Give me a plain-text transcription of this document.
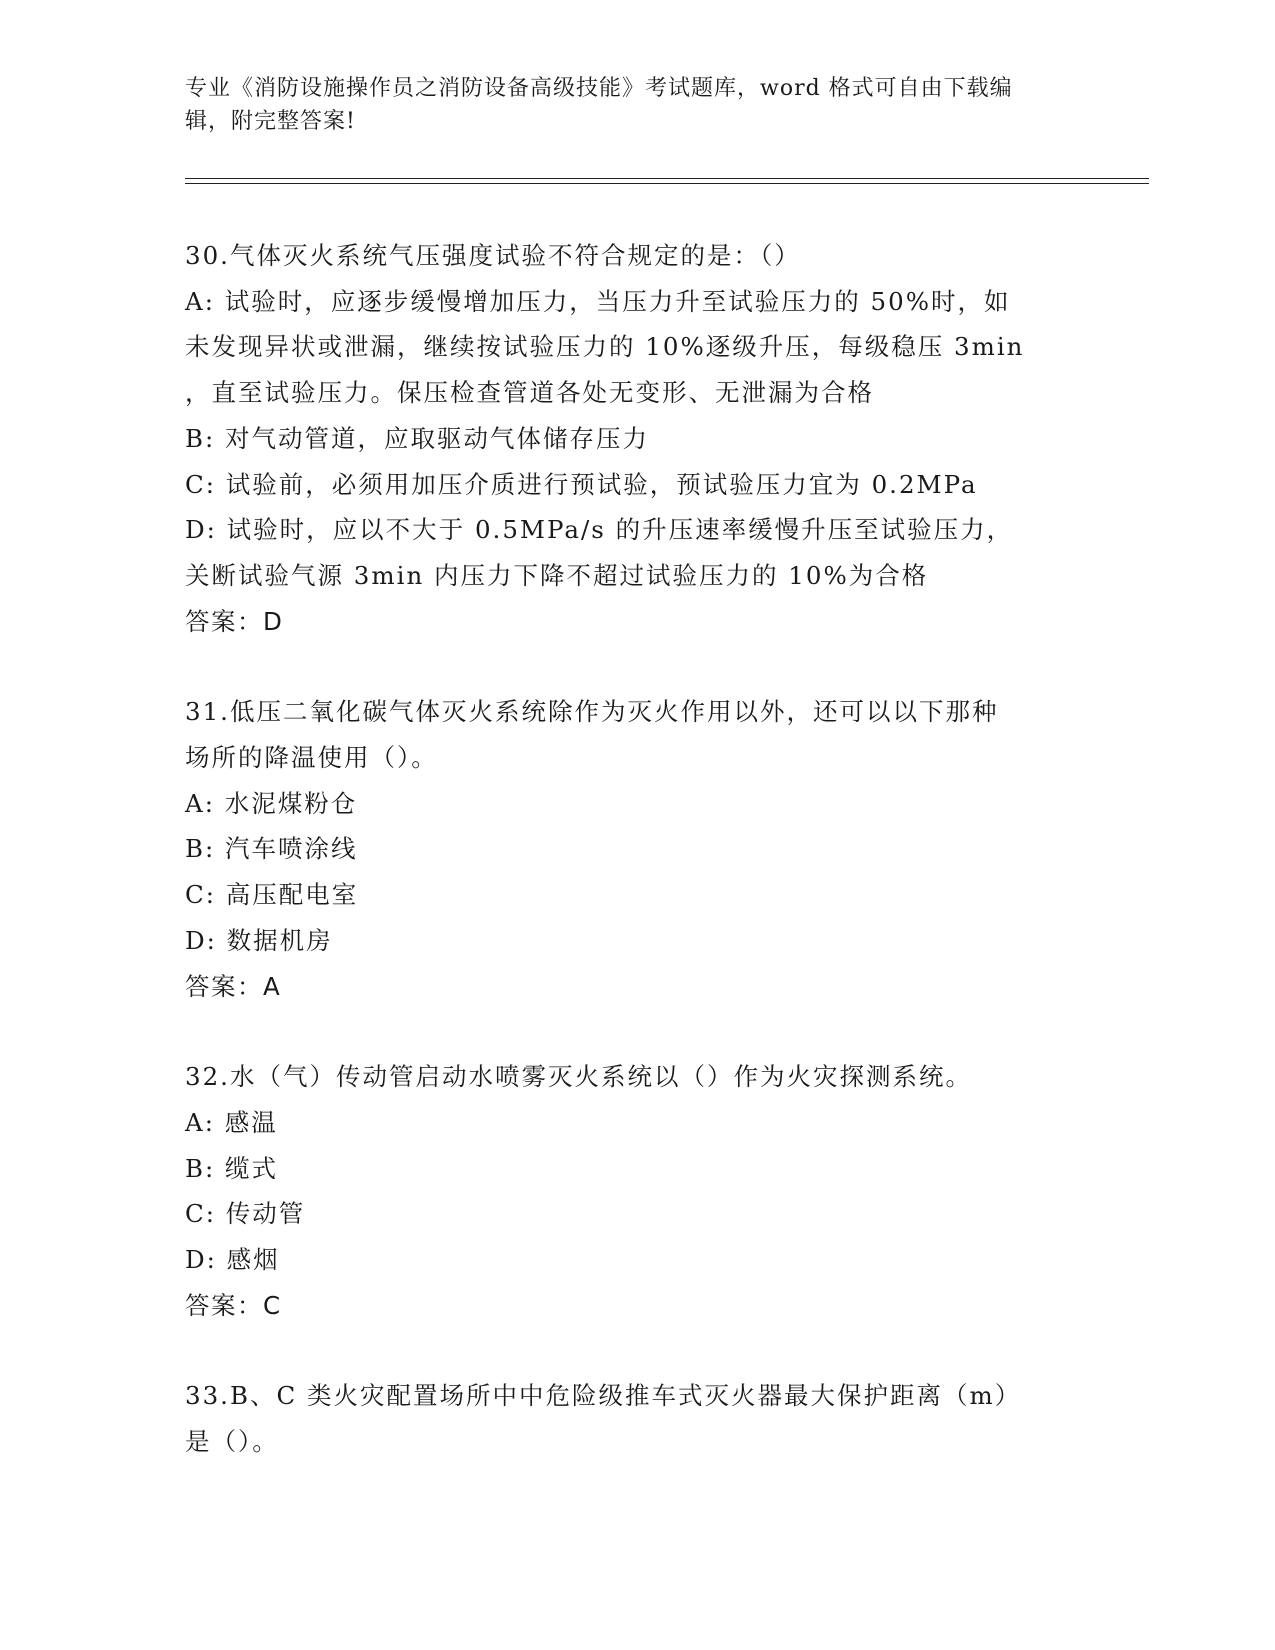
专业《消防设施操作员之消防设备高级技能》考试题库，word 格式可自由下载编
辑，附完整答案!
30.气体灭火系统气压强度试验不符合规定的是：（）
A: 试验时，应逐步缓慢增加压力，当压力升至试验压力的 50%时，如
未发现异状或泄漏，继续按试验压力的 10%逐级升压，每级稳压 3min
，直至试验压力。保压检查管道各处无变形、无泄漏为合格
B: 对气动管道，应取驱动气体储存压力
C: 试验前，必须用加压介质进行预试验，预试验压力宜为 0.2MPa
D: 试验时，应以不大于 0.5MPa/s 的升压速率缓慢升压至试验压力，
关断试验气源 3min 内压力下降不超过试验压力的 10%为合格
答案：D
31.低压二氧化碳气体灭火系统除作为灭火作用以外，还可以以下那种
场所的降温使用（）。
A: 水泥煤粉仓
B: 汽车喷涂线
C: 高压配电室
D: 数据机房
答案：A
32.水（气）传动管启动水喷雾灭火系统以（）作为火灾探测系统。
A: 感温
B: 缆式
C: 传动管
D: 感烟
答案：C
33.B、C 类火灾配置场所中中危险级推车式灭火器最大保护距离（m）
是（）。
